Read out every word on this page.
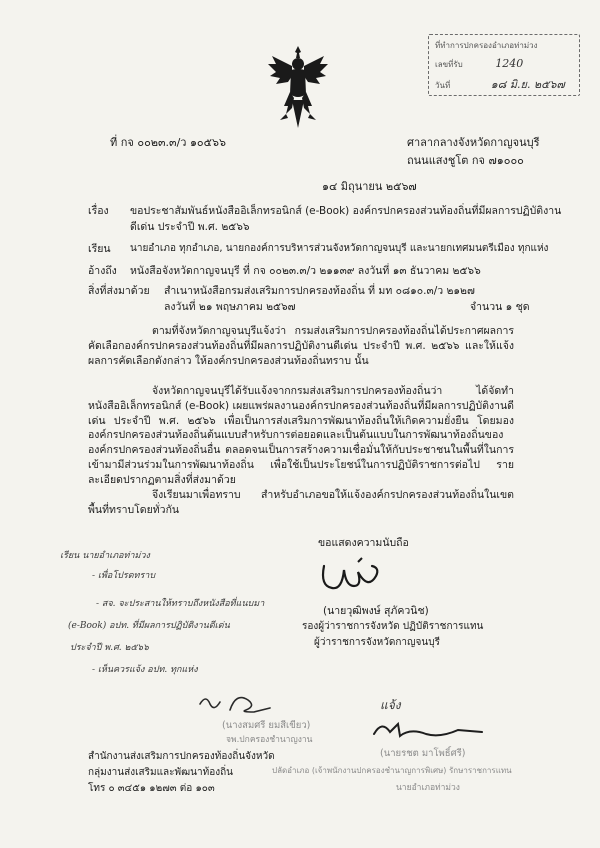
ที่ทำการปกครองอำเภอท่าม่วง
เลขที่รับ	1240
วันที่	๑๘ มิ.ย. ๒๕๖๗
ที่ กจ ๐๐๒๓.๓/ว ๑๐๕๖๖	ศาลากลางจังหวัดกาญจนบุรี
ถนนแสงชูโต กจ ๗๑๐๐๐
๑๔ มิถุนายน ๒๕๖๗
เรื่อง ขอประชาสัมพันธ์หนังสืออิเล็กทรอนิกส์ (e-Book) องค์กรปกครองส่วนท้องถิ่นที่มีผลการปฏิบัติงาน
ดีเด่น ประจำปี พ.ศ. ๒๕๖๖
เรียน นายอำเภอ ทุกอำเภอ, นายกองค์การบริหารส่วนจังหวัดกาญจนบุรี และนายกเทศมนตรีเมือง ทุกแห่ง
อ้างถึง หนังสือจังหวัดกาญจนบุรี ที่ กจ ๐๐๒๓.๓/ว ๒๑๑๓๙ ลงวันที่ ๑๓ ธันวาคม ๒๕๖๖
สิ่งที่ส่งมาด้วย สำเนาหนังสือกรมส่งเสริมการปกครองท้องถิ่น ที่ มท ๐๘๑๐.๓/ว ๒๑๒๗
ลงวันที่ ๒๑ พฤษภาคม ๒๕๖๗	จำนวน ๑ ชุด
ตามที่จังหวัดกาญจนบุรีแจ้งว่า กรมส่งเสริมการปกครองท้องถิ่นได้ประกาศผลการคัดเลือกองค์กรปกครองส่วนท้องถิ่นที่มีผลการปฏิบัติงานดีเด่น ประจำปี พ.ศ. ๒๕๖๖ และให้แจ้งผลการคัดเลือกดังกล่าว ให้องค์กรปกครองส่วนท้องถิ่นทราบ นั้น
จังหวัดกาญจนบุรีได้รับแจ้งจากกรมส่งเสริมการปกครองท้องถิ่นว่า ได้จัดทำหนังสืออิเล็กทรอนิกส์ (e-Book) เผยแพร่ผลงานองค์กรปกครองส่วนท้องถิ่นที่มีผลการปฏิบัติงานดีเด่น ประจำปี พ.ศ. ๒๕๖๖ เพื่อเป็นการส่งเสริมการพัฒนาท้องถิ่นให้เกิดความยั่งยืน โดยมององค์กรปกครองส่วนท้องถิ่นต้นแบบสำหรับการต่อยอดและเป็นต้นแบบในการพัฒนาท้องถิ่นขององค์กรปกครองส่วนท้องถิ่นอื่น ตลอดจนเป็นการสร้างความเชื่อมั่นให้กับประชาชนในพื้นที่ในการเข้ามามีส่วนร่วมในการพัฒนาท้องถิ่น เพื่อใช้เป็นประโยชน์ในการปฏิบัติราชการต่อไป รายละเอียดปรากฏตามสิ่งที่ส่งมาด้วย
จึงเรียนมาเพื่อทราบ สำหรับอำเภอขอให้แจ้งองค์กรปกครองส่วนท้องถิ่นในเขตพื้นที่ทราบโดยทั่วกัน
ขอแสดงความนับถือ
(นายวุฒิพงษ์ สุภัควนิช)
รองผู้ว่าราชการจังหวัด ปฏิบัติราชการแทน
ผู้ว่าราชการจังหวัดกาญจนบุรี
เรียน นายอำเภอท่าม่วง
- เพื่อโปรดทราบ
- สจ. จะประสานให้ทราบถึงหนังสือที่แนบมา
(e-Book) อปท. ที่มีผลการปฏิบัติงานดีเด่น
ประจำปี พ.ศ. ๒๕๖๖
- เห็นควรแจ้ง อปท. ทุกแห่ง
(นางสมศรี ยมสีเขียว)
จพ.ปกครองชำนาญงาน
แจ้ง
(นายรชต มาโพธิ์ศรี)
ปลัดอำเภอ (เจ้าพนักงานปกครองชำนาญการพิเศษ) รักษาราชการแทน
นายอำเภอท่าม่วง
สำนักงานส่งเสริมการปกครองท้องถิ่นจังหวัด
กลุ่มงานส่งเสริมและพัฒนาท้องถิ่น
โทร ๐ ๓๔๕๑ ๑๒๗๓ ต่อ ๑๐๓
